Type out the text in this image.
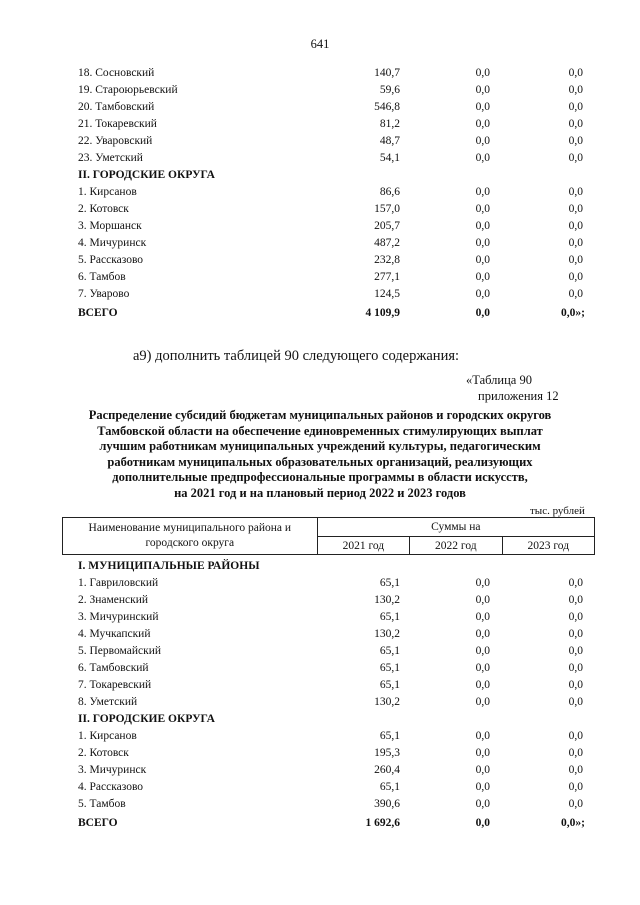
641
18. Сосновский	140,7	0,0	0,0
19. Староюрьевский	59,6	0,0	0,0
20. Тамбовский	546,8	0,0	0,0
21. Токаревский	81,2	0,0	0,0
22. Уваровский	48,7	0,0	0,0
23. Уметский	54,1	0,0	0,0
II. ГОРОДСКИЕ ОКРУГА
1. Кирсанов	86,6	0,0	0,0
2. Котовск	157,0	0,0	0,0
3. Моршанск	205,7	0,0	0,0
4. Мичуринск	487,2	0,0	0,0
5. Рассказово	232,8	0,0	0,0
6. Тамбов	277,1	0,0	0,0
7. Уварово	124,5	0,0	0,0
ВСЕГО	4 109,9	0,0	0,0»;
а9) дополнить таблицей 90 следующего содержания:
«Таблица 90
приложения 12
Распределение субсидий бюджетам муниципальных районов и городских округов
Тамбовской области на обеспечение единовременных стимулирующих выплат
лучшим работникам муниципальных учреждений культуры, педагогическим
работникам муниципальных образовательных организаций, реализующих
дополнительные предпрофессиональные программы в области искусств,
на 2021 год и на плановый период 2022 и 2023 годов
тыс. рублей
Наименование муниципального района и городского округа	Суммы на		
	2021 год	2022 год	2023 год
I. МУНИЦИПАЛЬНЫЕ РАЙОНЫ
1. Гавриловский	65,1	0,0	0,0
2. Знаменский	130,2	0,0	0,0
3. Мичуринский	65,1	0,0	0,0
4. Мучкапский	130,2	0,0	0,0
5. Первомайский	65,1	0,0	0,0
6. Тамбовский	65,1	0,0	0,0
7. Токаревский	65,1	0,0	0,0
8. Уметский	130,2	0,0	0,0
II. ГОРОДСКИЕ ОКРУГА
1. Кирсанов	65,1	0,0	0,0
2. Котовск	195,3	0,0	0,0
3. Мичуринск	260,4	0,0	0,0
4. Рассказово	65,1	0,0	0,0
5. Тамбов	390,6	0,0	0,0
ВСЕГО	1 692,6	0,0	0,0»;
